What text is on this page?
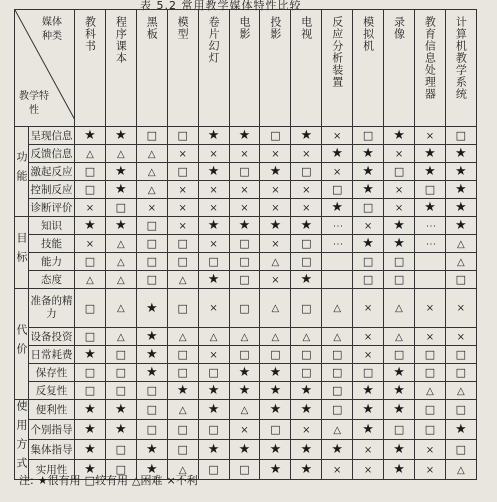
表 5.2 常用教学媒体特性比较
媒体种类
教学特性		教科书	程序课本	黑板	模型	卷片幻灯	电影	投影	电视	反应分析装置	模拟机	录像	教育信息处理器	计算机教学系统

功能	呈现信息	★	★	□	□	★	★	□	★	×	□	★	×	□
	反馈信息	△	△	△	×	×	×	×	×	★	★	×	★	★
	激起反应	□	★	△	□	★	□	★	□	×	★	□	★	★
	控制反应	□	★	△	×	×	×	×	×	□	★	×	□	★
	诊断评价	×	□	×	×	×	×	×	×	★	□	×	★	★
目标	知识	★	★	□	×	★	★	★	★	⋮	×	★	⋮	★
	技能	×	△	□	□	×	□	×	□	⋮	★	★	⋮	△
	能力	□	△	□	□	□	□	△	□		□	□		△
	态度	△	△	□	△	★	□	×	★		□	□		□
代价	准备的精力	□	△	★	□	×	□	△	□	△	×	△	×	×
	设备投资	□	△	★	△	△	△	△	△	△	×	△	×	×
	日常耗费	★	□	★	□	×	□	□	□	□	×	□	□	□
	保存性	□	□	★	□	□	★	★	□	□	□	★	□	□
	反复性	□	□	□	★	★	★	★	★	□	★	★	△	△
使用方式	便利性	★	★	□	△	★	△	★	★	□	★	★	□	□
	个别指导	★	★	□	□	□	×	□	×	△	★	□	□	★
	集体指导	★	□	★	□	★	★	★	★	★	×	★	×	□
	实用性	★	□	★	△	□	□	★	★	×	×	★	×	△
注: ★很有用 □较有用 △困难 ×不利
